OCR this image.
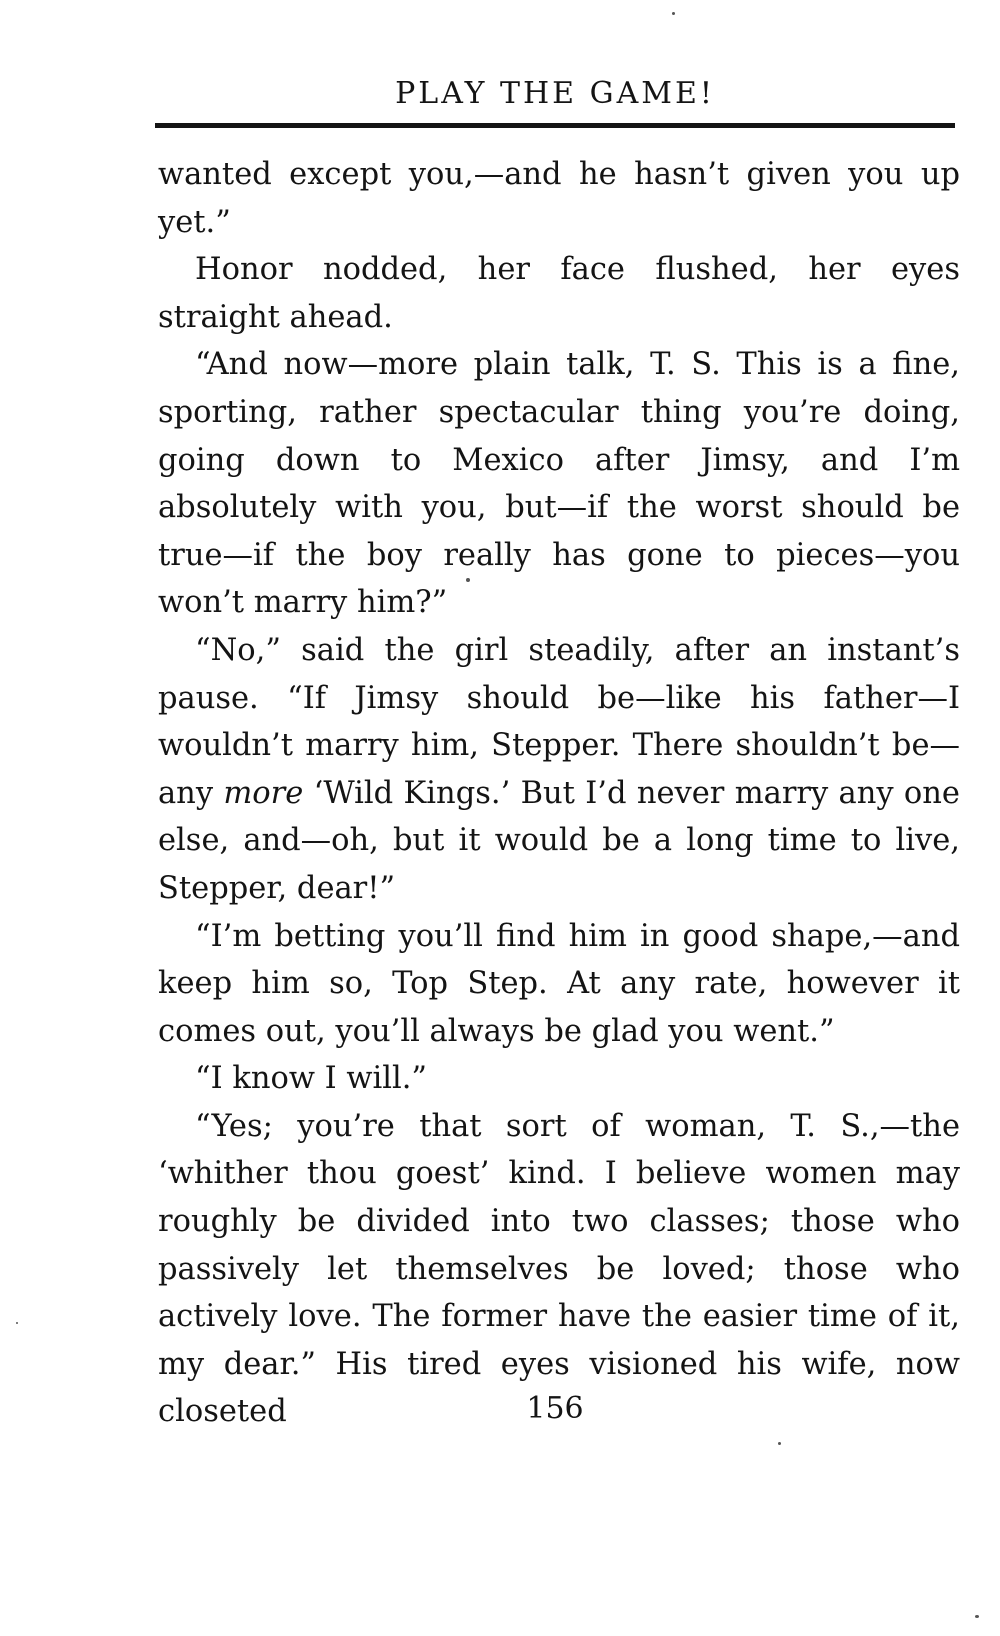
PLAY THE GAME!

wanted except you,—and he hasn’t given you up yet.”

Honor nodded, her face flushed, her eyes straight ahead.

“And now—more plain talk, T. S. This is a fine, sporting, rather spectacular thing you’re doing, going down to Mexico after Jimsy, and I’m absolutely with you, but—if the worst should be true—if the boy really has gone to pieces—you won’t marry him?”

“No,” said the girl steadily, after an instant’s pause. “If Jimsy should be—like his father—I wouldn’t marry him, Stepper. There shouldn’t be—any more ‘Wild Kings.’ But I’d never marry any one else, and—oh, but it would be a long time to live, Stepper, dear!”

“I’m betting you’ll find him in good shape,—and keep him so, Top Step. At any rate, however it comes out, you’ll always be glad you went.”

“I know I will.”

“Yes; you’re that sort of woman, T. S.,—the ‘whither thou goest’ kind. I believe women may roughly be divided into two classes; those who passively let themselves be loved; those who actively love. The former have the easier time of it, my dear.” His tired eyes visioned his wife, now closeted	156
